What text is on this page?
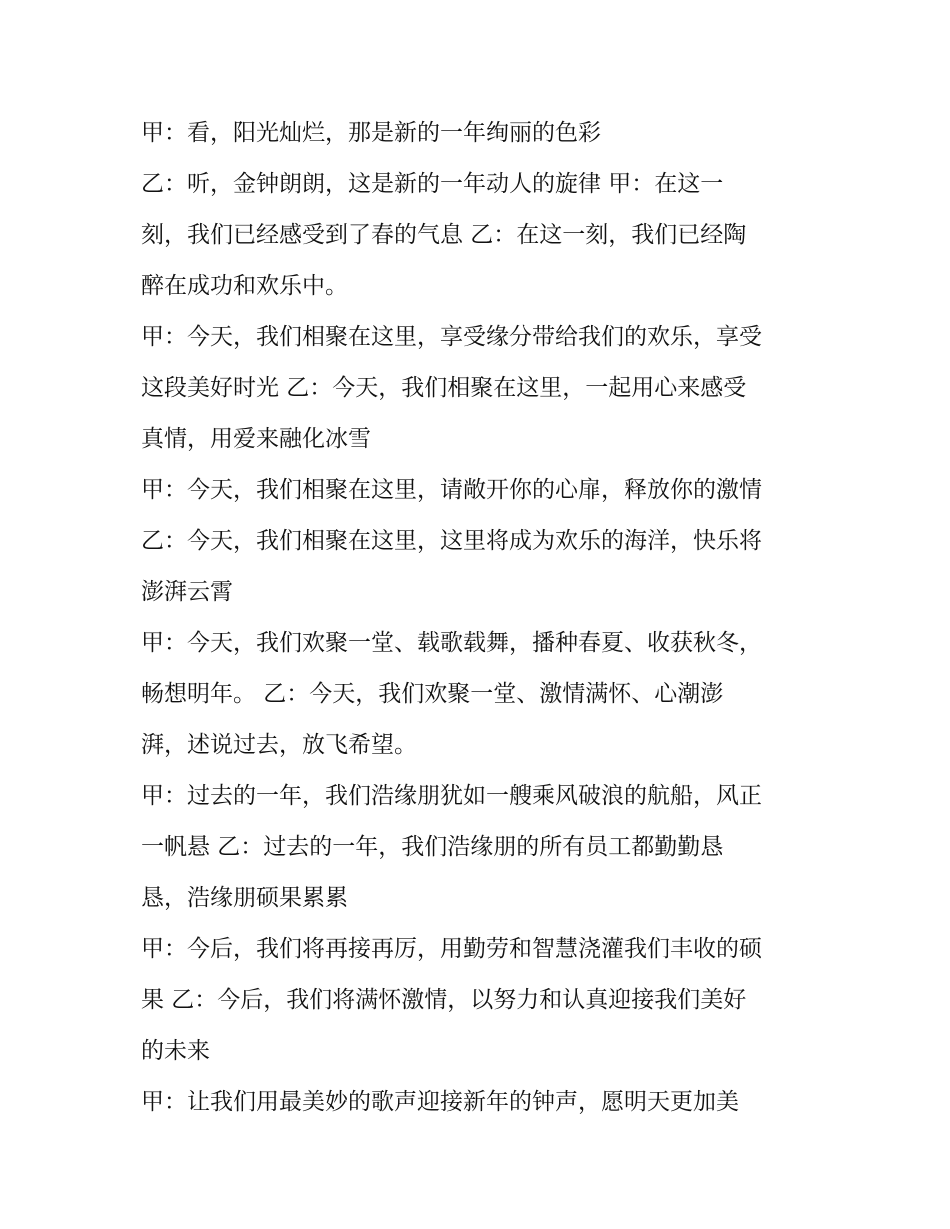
甲：看，阳光灿烂，那是新的一年绚丽的色彩
乙：听，金钟朗朗，这是新的一年动人的旋律 甲：在这一
刻，我们已经感受到了春的气息 乙：在这一刻，我们已经陶
醉在成功和欢乐中。
甲：今天，我们相聚在这里，享受缘分带给我们的欢乐，享受
这段美好时光 乙：今天，我们相聚在这里，一起用心来感受
真情，用爱来融化冰雪
甲：今天，我们相聚在这里，请敞开你的心扉，释放你的激情
乙：今天，我们相聚在这里，这里将成为欢乐的海洋，快乐将
澎湃云霄
甲：今天，我们欢聚一堂、载歌载舞，播种春夏、收获秋冬，
畅想明年。 乙：今天，我们欢聚一堂、激情满怀、心潮澎
湃，述说过去，放飞希望。
甲：过去的一年，我们浩缘朋犹如一艘乘风破浪的航船，风正
一帆悬 乙：过去的一年，我们浩缘朋的所有员工都勤勤恳
恳，浩缘朋硕果累累
甲：今后，我们将再接再厉，用勤劳和智慧浇灌我们丰收的硕
果 乙：今后，我们将满怀激情，以努力和认真迎接我们美好
的未来
甲：让我们用最美妙的歌声迎接新年的钟声，愿明天更加美
